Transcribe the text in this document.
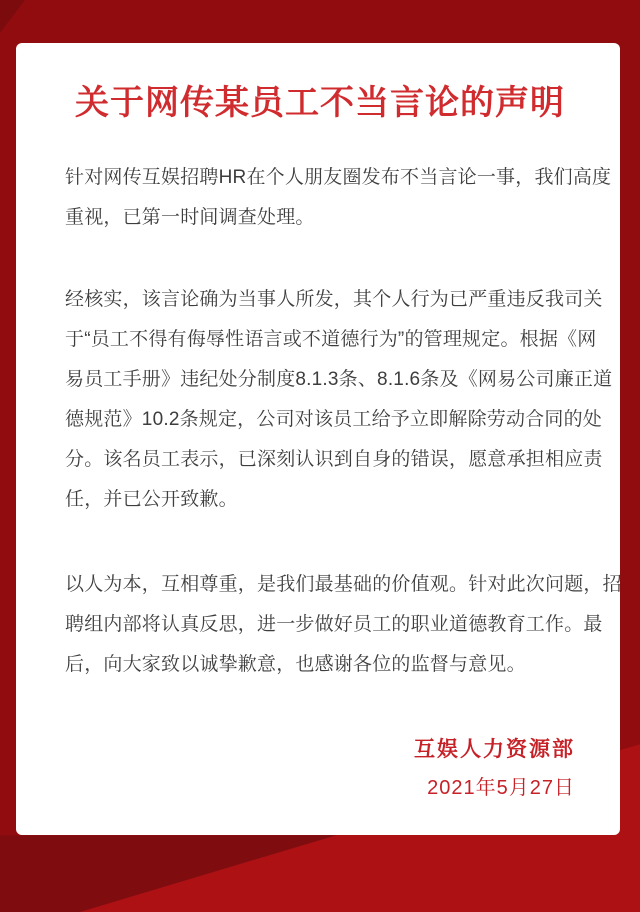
关于网传某员工不当言论的声明
针对网传互娱招聘HR在个人朋友圈发布不当言论一事，我们高度
重视，已第一时间调查处理。
经核实，该言论确为当事人所发，其个人行为已严重违反我司关
于“员工不得有侮辱性语言或不道德行为”的管理规定。根据《网
易员工手册》违纪处分制度8.1.3条、8.1.6条及《网易公司廉正道
德规范》10.2条规定，公司对该员工给予立即解除劳动合同的处
分。该名员工表示，已深刻认识到自身的错误，愿意承担相应责
任，并已公开致歉。
以人为本，互相尊重，是我们最基础的价值观。针对此次问题，招
聘组内部将认真反思，进一步做好员工的职业道德教育工作。最
后，向大家致以诚挚歉意，也感谢各位的监督与意见。
互娱人力资源部
2021年5月27日
